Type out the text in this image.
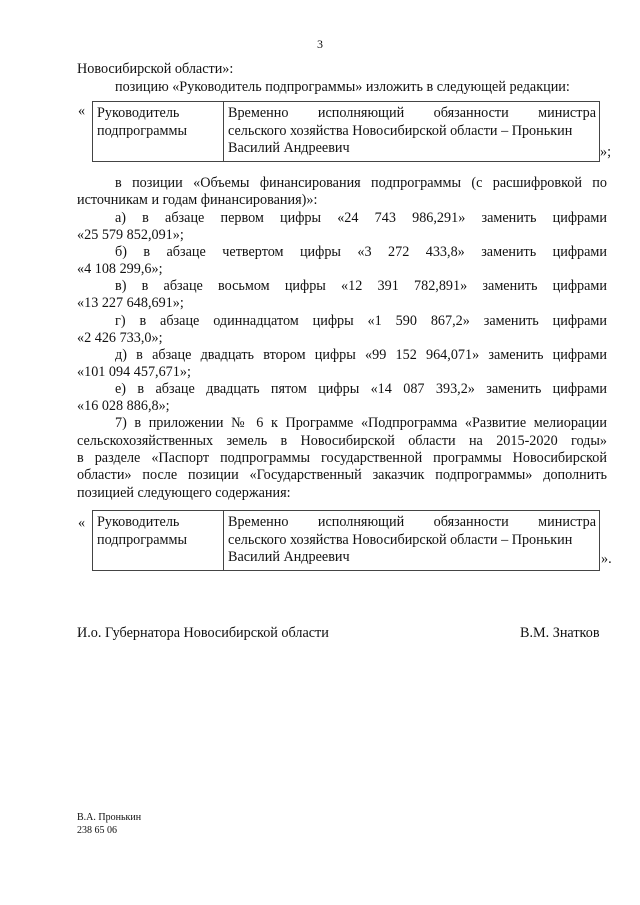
3
Новосибирской области»:
позицию «Руководитель подпрограммы» изложить в следующей редакции:
« Руководитель
подпрограммы

Временно исполняющий обязанности министра
сельского хозяйства Новосибирской области – Пронькин
Василий Андреевич	»;
в позиции «Объемы финансирования подпрограммы (с расшифровкой по
источникам и годам финансирования)»:
а) в абзаце первом цифры «24 743 986,291» заменить цифрами
«25 579 852,091»;
б) в абзаце четвертом цифры «3 272 433,8» заменить цифрами
«4 108 299,6»;
в) в абзаце восьмом цифры «12 391 782,891» заменить цифрами
«13 227 648,691»;
г) в абзаце одиннадцатом цифры «1 590 867,2» заменить цифрами
«2 426 733,0»;
д) в абзаце двадцать втором цифры «99 152 964,071» заменить цифрами
«101 094 457,671»;
е) в абзаце двадцать пятом цифры «14 087 393,2» заменить цифрами
«16 028 886,8»;
7) в приложении № 6 к Программе «Подпрограмма «Развитие мелиорации
сельскохозяйственных земель в Новосибирской области на 2015-2020 годы»
в разделе «Паспорт подпрограммы государственной программы Новосибирской
области» после позиции «Государственный заказчик подпрограммы» дополнить
позицией следующего содержания:
« Руководитель
подпрограммы

Временно исполняющий обязанности министра
сельского хозяйства Новосибирской области – Пронькин
Василий Андреевич	».
И.о. Губернатора Новосибирской области	В.М. Знатков
В.А. Пронькин
238 65 06
